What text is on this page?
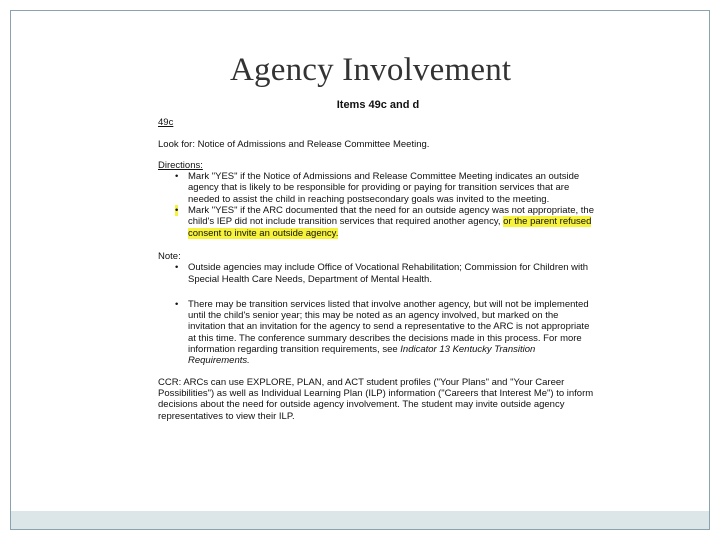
Agency Involvement
Items 49c and d
49c
Look for: Notice of Admissions and Release Committee Meeting.
Directions:
• Mark "YES" if the Notice of Admissions and Release Committee Meeting indicates an outside agency that is likely to be responsible for providing or paying for transition services that are needed to assist the child in reaching postsecondary goals was invited to the meeting.
• Mark "YES" if the ARC documented that the need for an outside agency was not appropriate, the child's IEP did not include transition services that required another agency, or the parent refused consent to invite an outside agency.
Note:
• Outside agencies may include Office of Vocational Rehabilitation; Commission for Children with Special Health Care Needs, Department of Mental Health.
• There may be transition services listed that involve another agency, but will not be implemented until the child's senior year; this may be noted as an agency involved, but marked on the invitation that an invitation for the agency to send a representative to the ARC is not appropriate at this time. The conference summary describes the decisions made in this process. For more information regarding transition requirements, see Indicator 13 Kentucky Transition Requirements.
CCR: ARCs can use EXPLORE, PLAN, and ACT student profiles ("Your Plans" and "Your Career Possibilities") as well as Individual Learning Plan (ILP) information ("Careers that Interest Me") to inform decisions about the need for outside agency involvement. The student may invite outside agency representatives to view their ILP.
